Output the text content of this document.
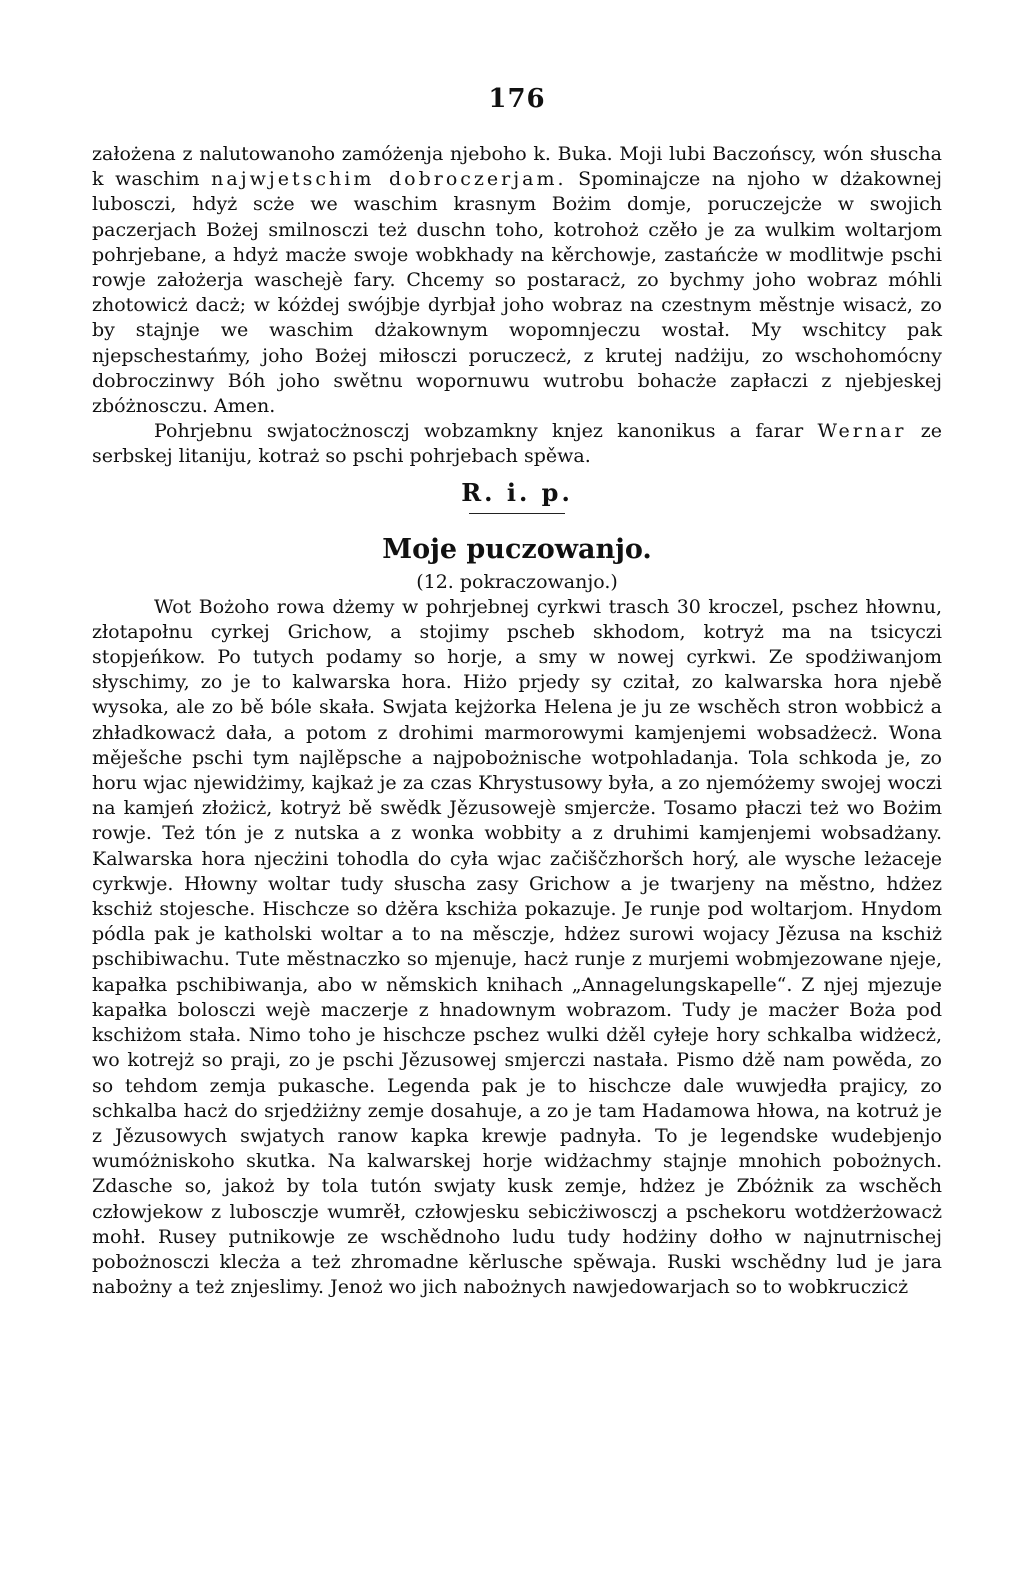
176

założena z nalutowanoho zamóżenja njeboho k. Buka. Moji lubi Baczońscy, wón słuscha k waschim najwjetschim dobroczerjam. Spominajcze na njoho w dżakownej lubosczi, hdyż scże we waschim krasnym Bożim domje, poruczejcże w swojich paczerjach Bożej smilnosczi też duschn toho, kotrohoż czěło je za wulkim woltarjom pohrjebane, a hdyż macże swoje wobkhady na kěrchowje, zastańcże w modlitwje pschi rowje założerja waschejè fary. Chcemy so postaracż, zo bychmy joho wobraz móhli zhotowicż dacż; w kóżdej swójbje dyrbjał joho wobraz na czestnym městnje wisacż, zo by stajnje we waschim dżakownym wopomnjeczu wostał. My wschitcy pak njepschestańmy, joho Bożej miłosczi poruczecż, z krutej nadżiju, zo wschohomócny dobroczinwy Bóh joho swětnu wopornuwu wutrobu bohacże zapłaczi z njebjeskej zbóżnosczu. Amen.

Pohrjebnu swjatocżnosczj wobzamkny knjez kanonikus a farar Wernar ze serbskej litaniju, kotraż so pschi pohrjebach spěwa.

R. i. p.
Moje puczowanjo.
(12. pokraczowanjo.)

Wot Bożoho rowa dżemy w pohrjebnej cyrkwi trasch 30 kroczel, pschez hłownu, złotapołnu cyrkej Grichow, a stojimy pscheb skhodom, kotryż ma na tsicyczi stopjeńkow. Po tutych podamy so horje, a smy w nowej cyrkwi. Ze spodżiwanjom słyschimy, zo je to kalwarska hora. Hiżo prjedy sy czitał, zo kalwarska hora njebě wysoka, ale zo bě bóle skała. Swjata kejżorka Helena je ju ze wschěch stron wobbicż a zhładkowacż dała, a potom z drohimi marmorowymi kamjenjemi wobsadżecż. Wona měješche pschi tym najlěpsche a najpobożnische wotpohladanja. Tola schkoda je, zo horu wjac njewidżimy, kajkaż je za czas Khrystusowy była, a zo njemóżemy swojej woczi na kamjeń złożicż, kotryż bě swědk Jězusowejè smjercże. Tosamo płaczi też wo Bożim rowje. Też tón je z nutska a z wonka wobbity a z druhimi kamjenjemi wobsadżany. Kalwarska hora njecżini tohodla do cyła wjac začiščzhoršch horý, ale wysche leżaceje cyrkwje. Hłowny woltar tudy słuscha zasy Grichow a je twarjeny na městno, hdżez kschiż stojesche. Hischcze so dżěra kschiża pokazuje. Je runje pod woltarjom. Hnydom pódla pak je katholski woltar a to na měsczje, hdżez surowi wojacy Jězusa na kschiż pschibiwachu. Tute městnaczko so mjenuje, hacż runje z murjemi wobmjezowane njeje, kapałka pschibiwanja, abo w němskich knihach „Annagelungskapelle“. Z njej mjezuje kapałka bolosczi wejè maczerje z hnadownym wobrazom. Tudy je macżer Boża pod kschiżom stała. Nimo toho je hischcze pschez wulki dżěl cyłeje hory schkalba widżecż, wo kotrejż so praji, zo je pschi Jězusowej smjerczi nastała. Pismo dżě nam powěda, zo so tehdom zemja pukasche. Legenda pak je to hischcze dale wuwjedła prajicy, zo schkalba hacż do srjedżiżny zemje dosahuje, a zo je tam Hadamowa hłowa, na kotruż je z Jězusowych swjatych ranow kapka krewje padnyła. To je legendske wudebjenjo wumóżniskoho skutka. Na kalwarskej horje widżachmy stajnje mnohich pobożnych. Zdasche so, jakoż by tola tutón swjaty kusk zemje, hdżez je Zbóżnik za wschěch człowjekow z lubosczje wumrěł, człowjesku sebicżiwosczj a pschekoru wotdżerżowacż mohł. Rusey putnikowje ze wschědnoho ludu tudy hodżiny dołho w najnutrnischej pobożnosczi klecża a też zhromadne kěrlusche spěwaja. Ruski wschědny lud je jara nabożny a też znjeslimy. Jenoż wo jich nabożnych nawjedowarjach so to wobkruczicż
